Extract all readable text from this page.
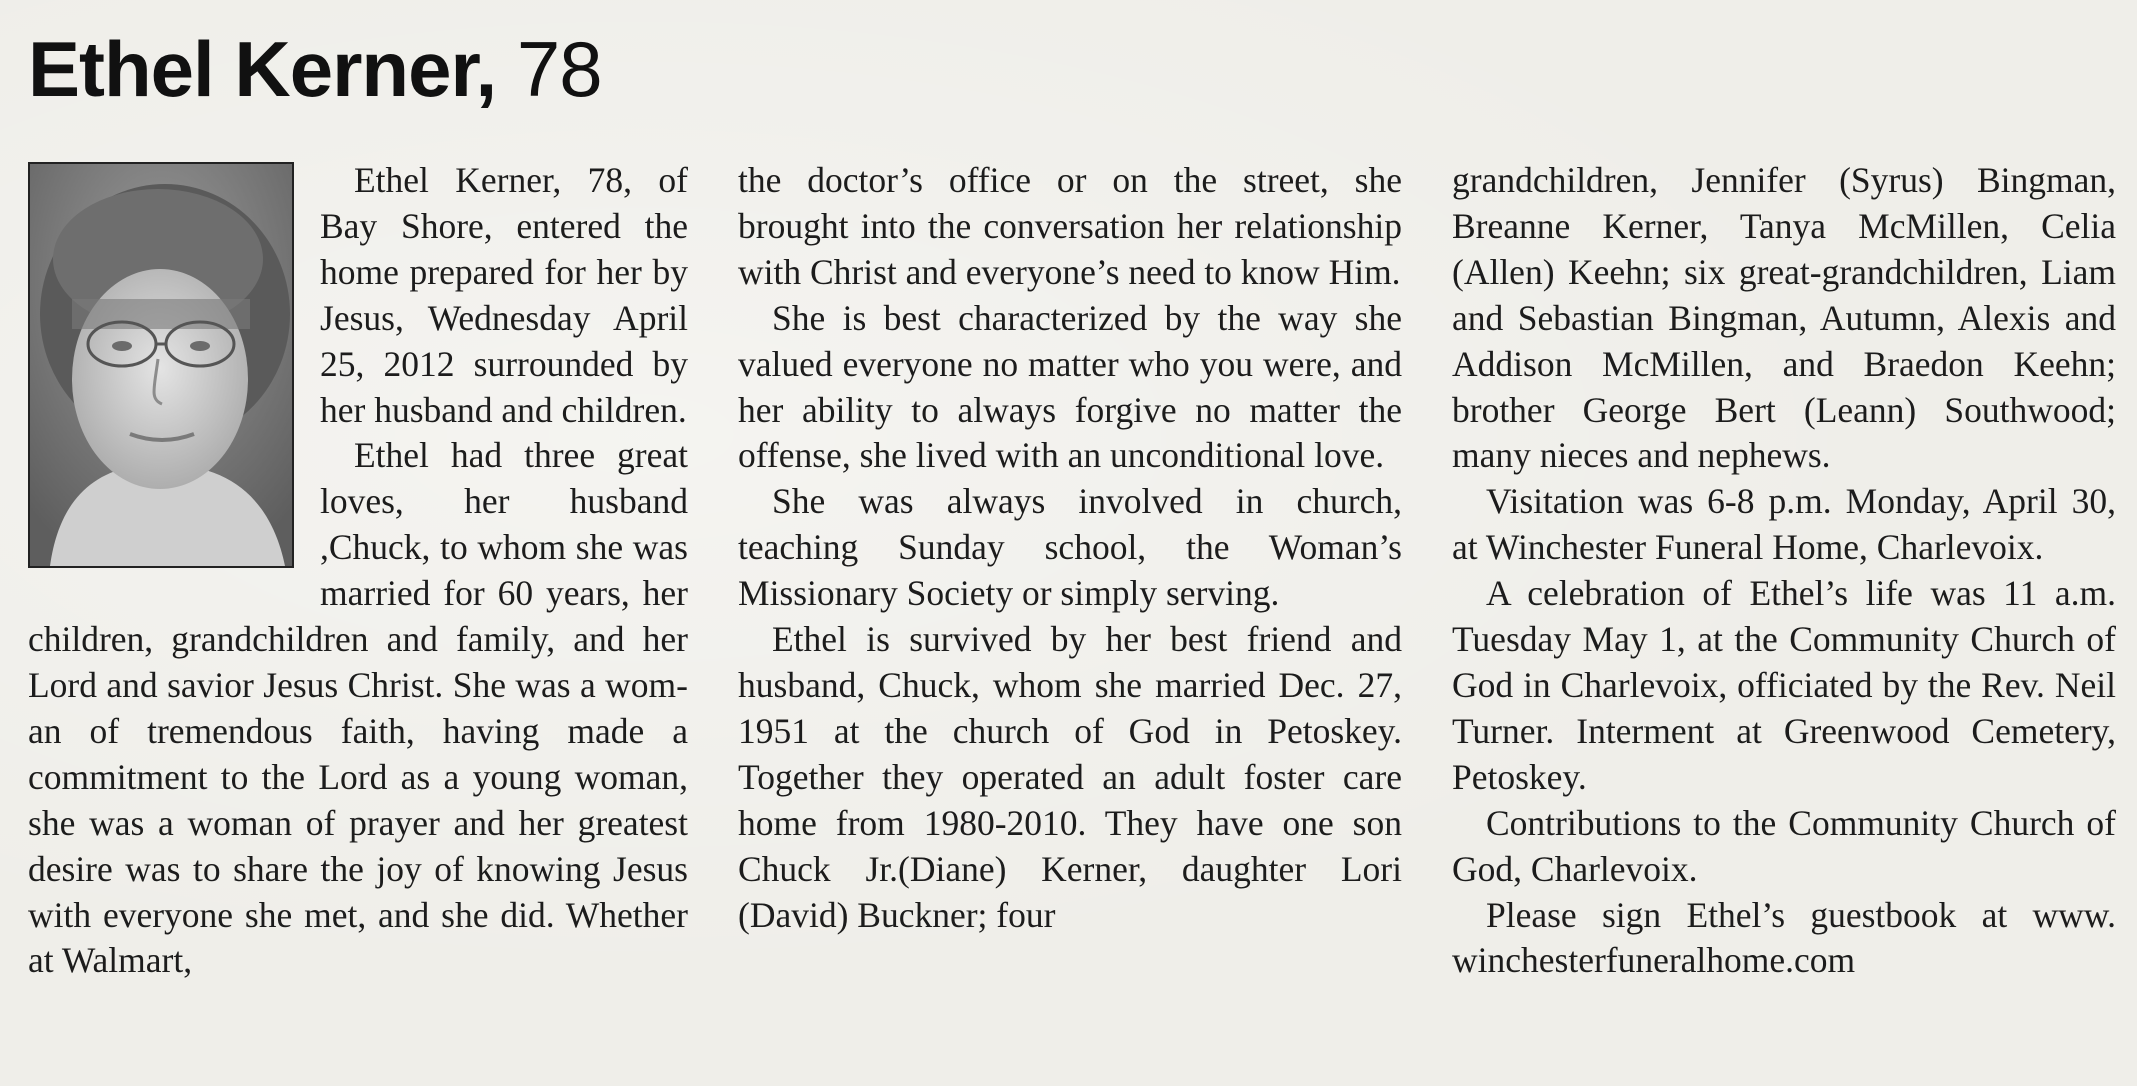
Ethel Kerner, 78

Ethel Kerner, 78, of Bay Shore, entered the home prepared for her by Jesus, Wednesday April 25, 2012 surrounded by her husband and children.

Ethel had three great loves, her husband ,Chuck, to whom she was married for 60 years, her children, grandchildren and family, and her Lord and savior Jesus Christ. She was a woman of tremendous faith, having made a commitment to the Lord as a young woman, she was a woman of prayer and her greatest desire was to share the joy of knowing Jesus with everyone she met, and she did. Whether at Walmart,

the doctor’s office or on the street, she brought into the conversation her relationship with Christ and everyone’s need to know Him.

She is best characterized by the way she valued everyone no matter who you were, and her ability to always forgive no matter the offense, she lived with an unconditional love.

She was always involved in church, teaching Sunday school, the Woman’s Missionary Society or simply serving.

Ethel is survived by her best friend and husband, Chuck, whom she married Dec. 27, 1951 at the church of God in Petoskey. Together they operated an adult foster care home from 1980-2010. They have one son Chuck Jr.(Diane) Kerner, daughter Lori (David) Buckner; four

grandchildren, Jennifer (Syrus) Bingman, Breanne Kerner, Tanya McMillen, Celia (Allen) Keehn; six great-grandchildren, Liam and Sebastian Bingman, Autumn, Alexis and Addison McMillen, and Braedon Keehn; brother George Bert (Leann) Southwood; many nieces and nephews.

Visitation was 6-8 p.m. Monday, April 30, at Winchester Funeral Home, Charlevoix.

A celebration of Ethel’s life was 11 a.m. Tuesday May 1, at the Community Church of God in Charlevoix, officiated by the Rev. Neil Turner. Interment at Greenwood Cemetery, Petoskey.

Contributions to the Community Church of God, Charlevoix.

Please sign Ethel’s guestbook at www. winchesterfuneralhome.com
